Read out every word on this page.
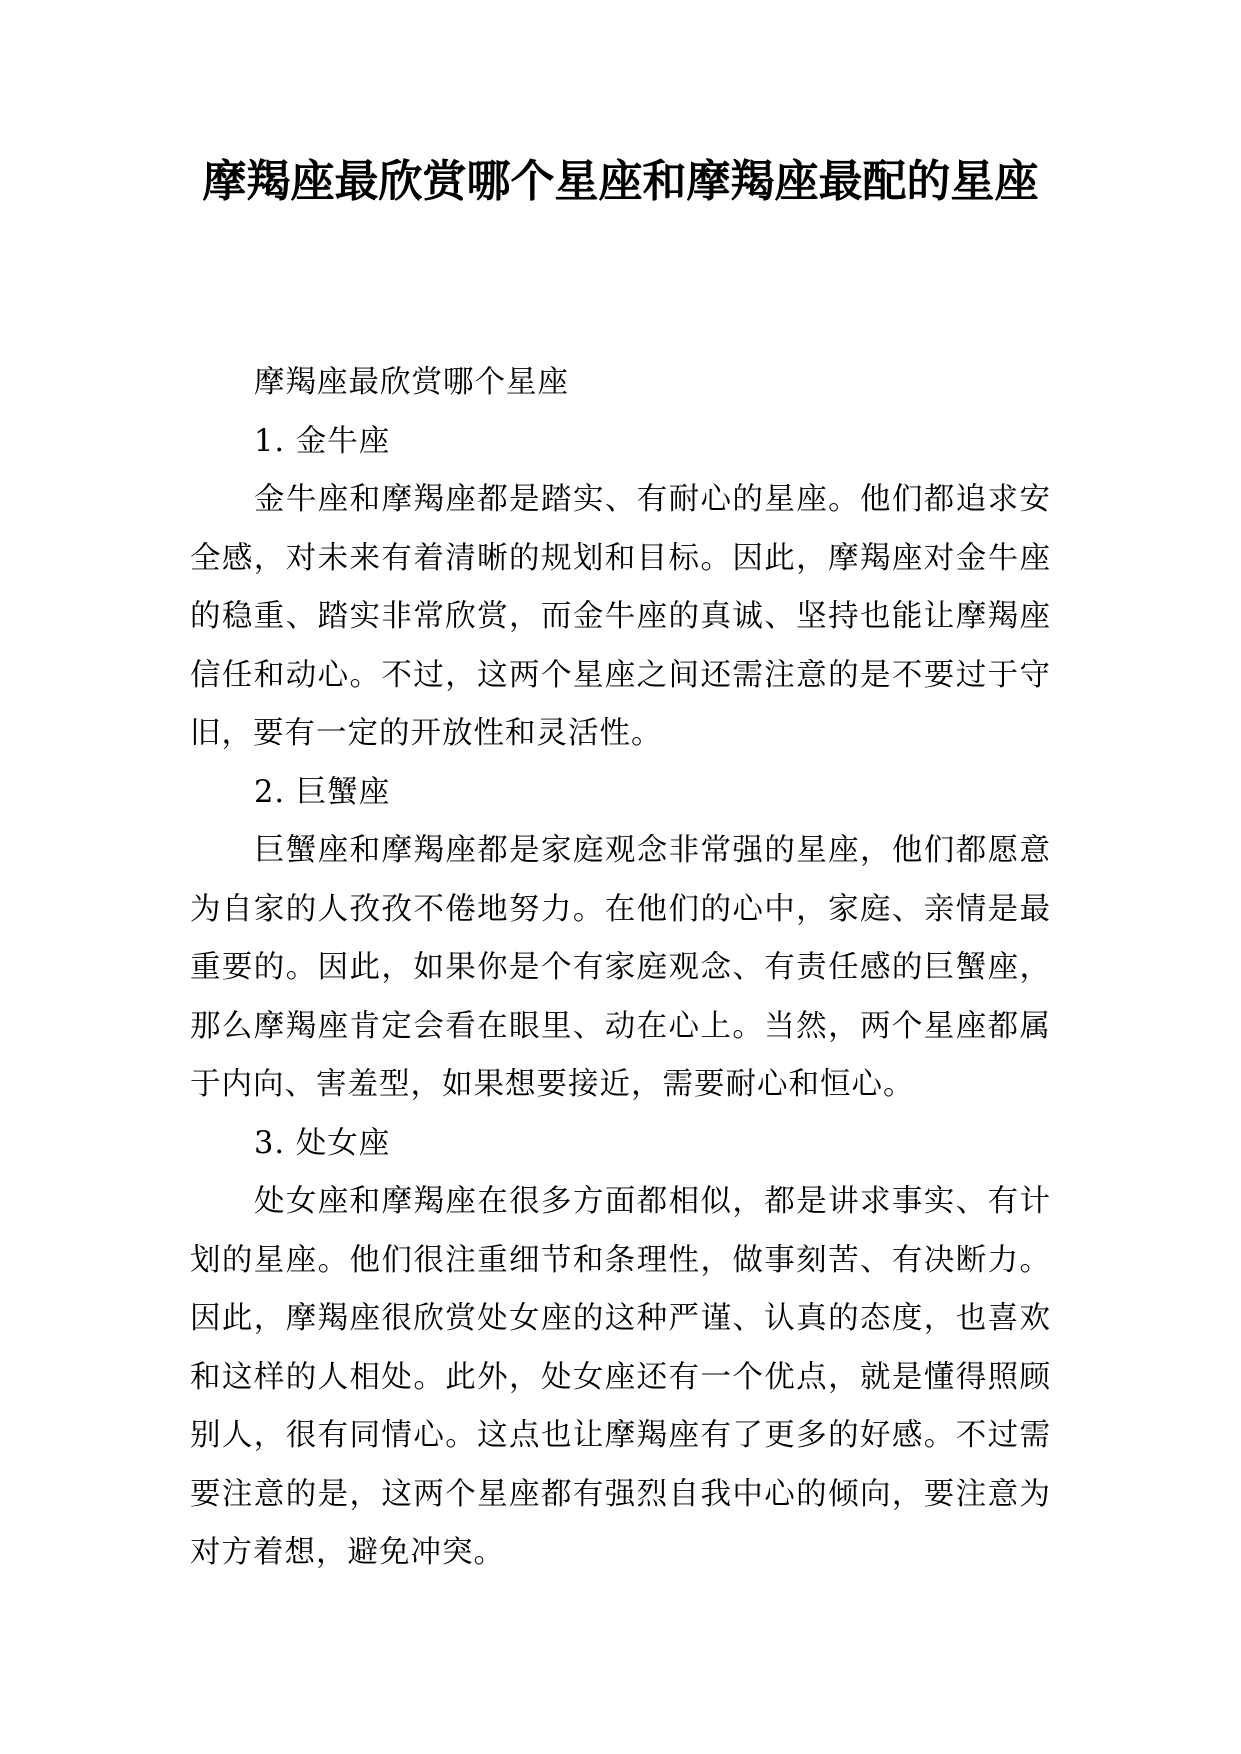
摩羯座最欣赏哪个星座和摩羯座最配的星座

摩羯座最欣赏哪个星座

1. 金牛座

金牛座和摩羯座都是踏实、有耐心的星座。他们都追求安全感，对未来有着清晰的规划和目标。因此，摩羯座对金牛座的稳重、踏实非常欣赏，而金牛座的真诚、坚持也能让摩羯座信任和动心。不过，这两个星座之间还需注意的是不要过于守旧，要有一定的开放性和灵活性。

2. 巨蟹座

巨蟹座和摩羯座都是家庭观念非常强的星座，他们都愿意为自家的人孜孜不倦地努力。在他们的心中，家庭、亲情是最重要的。因此，如果你是个有家庭观念、有责任感的巨蟹座，那么摩羯座肯定会看在眼里、动在心上。当然，两个星座都属于内向、害羞型，如果想要接近，需要耐心和恒心。

3. 处女座

处女座和摩羯座在很多方面都相似，都是讲求事实、有计划的星座。他们很注重细节和条理性，做事刻苦、有决断力。因此，摩羯座很欣赏处女座的这种严谨、认真的态度，也喜欢和这样的人相处。此外，处女座还有一个优点，就是懂得照顾别人，很有同情心。这点也让摩羯座有了更多的好感。不过需要注意的是，这两个星座都有强烈自我中心的倾向，要注意为对方着想，避免冲突。
